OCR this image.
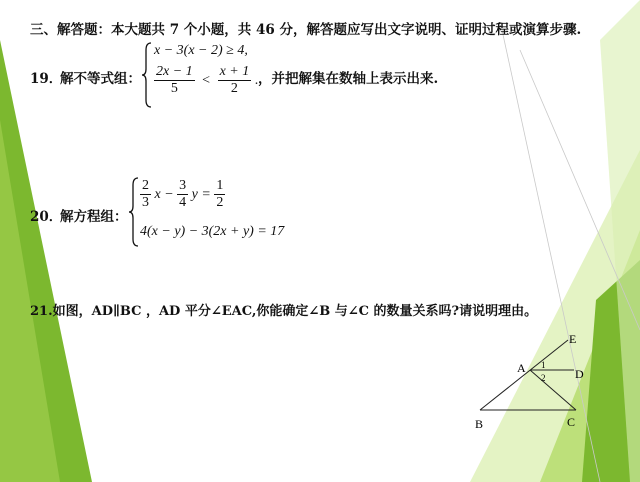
三、解答题：本大题共 7 个小题，共 46 分，解答题应写出文字说明、证明过程或演算步骤.
19．
解不等式组：
x − 3(x − 2) ≥ 4,
$\frac{2x - 1}{5} < \frac{x + 1}{2}$ . ，并把解集在数轴上表示出来.
20．
解方程组：
$\frac{2}{3}$ $x - \frac{3}{4}$ $y = \frac{1}{2}$
4(x − y) − 3(2x + y) = 17
21.如图，AD∥BC ，AD 平分∠EAC,你能确定∠B 与∠C 的数量关系吗?请说明理由。
A
B	C
D
E
1
2
